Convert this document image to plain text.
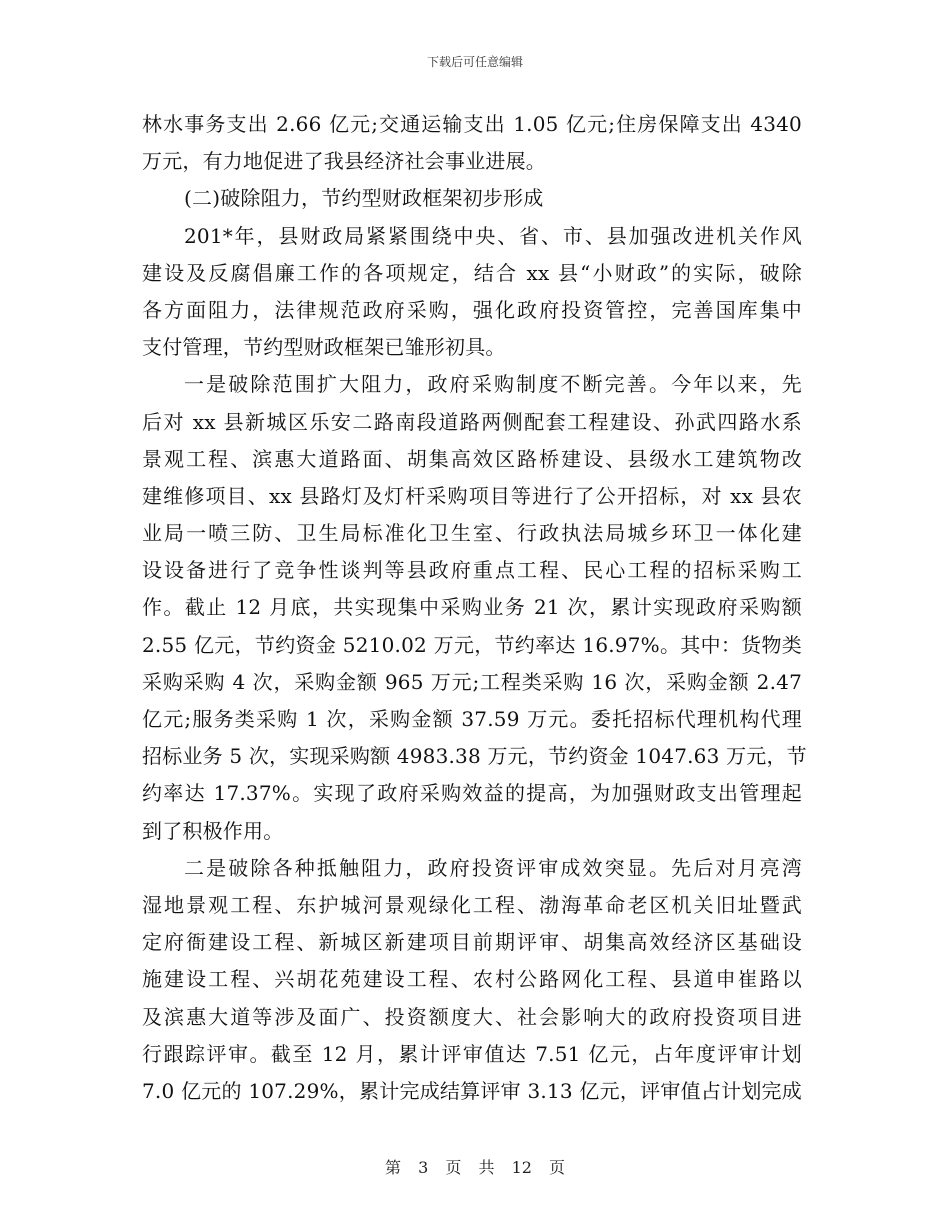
下载后可任意编辑
林水事务支出 2.66 亿元;交通运输支出 1.05 亿元;住房保障支出 4340
万元，有力地促进了我县经济社会事业进展。
(二)破除阻力，节约型财政框架初步形成
201*年，县财政局紧紧围绕中央、省、市、县加强改进机关作风
建设及反腐倡廉工作的各项规定，结合 xx 县“小财政”的实际，破除
各方面阻力，法律规范政府采购，强化政府投资管控，完善国库集中
支付管理，节约型财政框架已雏形初具。
一是破除范围扩大阻力，政府采购制度不断完善。今年以来，先
后对 xx 县新城区乐安二路南段道路两侧配套工程建设、孙武四路水系
景观工程、滨惠大道路面、胡集高效区路桥建设、县级水工建筑物改
建维修项目、xx 县路灯及灯杆采购项目等进行了公开招标，对 xx 县农
业局一喷三防、卫生局标准化卫生室、行政执法局城乡环卫一体化建
设设备进行了竞争性谈判等县政府重点工程、民心工程的招标采购工
作。截止 12 月底，共实现集中采购业务 21 次，累计实现政府采购额
2.55 亿元，节约资金 5210.02 万元，节约率达 16.97%。其中：货物类
采购采购 4 次，采购金额 965 万元;工程类采购 16 次，采购金额 2.47
亿元;服务类采购 1 次，采购金额 37.59 万元。委托招标代理机构代理
招标业务 5 次，实现采购额 4983.38 万元，节约资金 1047.63 万元，节
约率达 17.37%。实现了政府采购效益的提高，为加强财政支出管理起
到了积极作用。
二是破除各种抵触阻力，政府投资评审成效突显。先后对月亮湾
湿地景观工程、东护城河景观绿化工程、渤海革命老区机关旧址暨武
定府衙建设工程、新城区新建项目前期评审、胡集高效经济区基础设
施建设工程、兴胡花苑建设工程、农村公路网化工程、县道申崔路以
及滨惠大道等涉及面广、投资额度大、社会影响大的政府投资项目进
行跟踪评审。截至 12 月，累计评审值达 7.51 亿元，占年度评审计划
7.0 亿元的 107.29%，累计完成结算评审 3.13 亿元，评审值占计划完成
第 3 页 共 12 页
